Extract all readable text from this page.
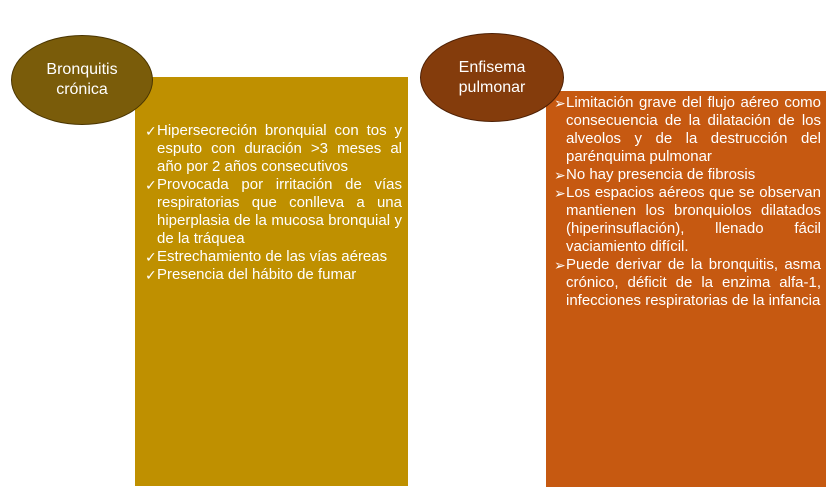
✓ Hipersecreción bronquial con tos y esputo con duración >3 meses al año por 2 años consecutivos
✓ Provocada por irritación de vías respiratorias que conlleva a una hiperplasia de la mucosa bronquial y de la tráquea
✓ Estrechamiento de las vías aéreas
✓ Presencia del hábito de fumar
➢ Limitación grave del flujo aéreo como consecuencia de la dilatación de los alveolos y de la destrucción del parénquima pulmonar
➢ No hay presencia de fibrosis
➢ Los espacios aéreos que se observan mantienen los bronquiolos dilatados (hiperinsuflación), llenado fácil vaciamiento difícil.
➢ Puede derivar de la bronquitis, asma crónico, déficit de la enzima alfa-1, infecciones respiratorias de la infancia
Bronquitis
crónica
Enfisema
pulmonar
